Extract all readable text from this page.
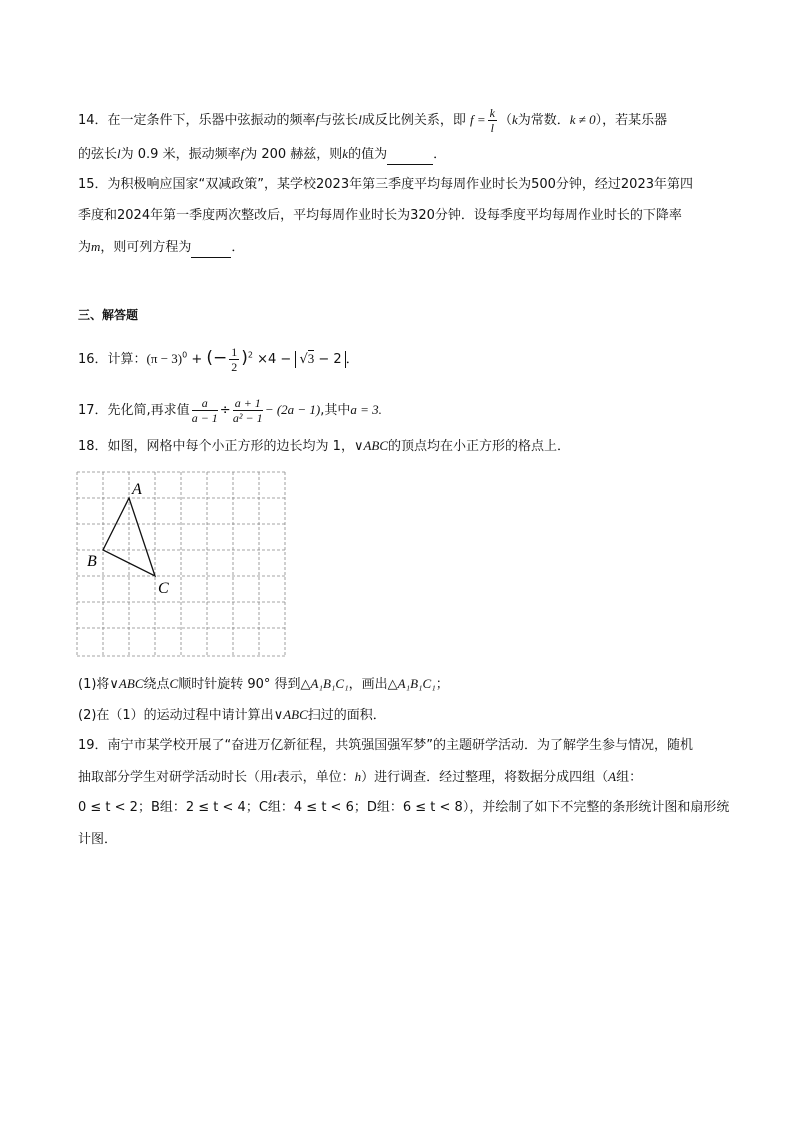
14．在一定条件下，乐器中弦振动的频率f与弦长l成反比例关系，即 $f = \frac{k}{l} (k$为常数．k ≠ 0），若某乐器
的弦长l为 0.9 米，振动频率f为 200 赫兹，则k的值为	．
15．为积极响应国家“双减政策”，某学校2023年第三季度平均每周作业时长为500分钟，经过2023年第四
季度和2024年第一季度两次整改后，平均每周作业时长为320分钟．设每季度平均每周作业时长的下降率
为m，则可列方程为	．
三、解答题
16．计算：$(\pi - 3)^0$ + (− $\frac{1}{2} )^2 \times 4 - √3 - 2$ ．
17．先化简,再求值 $\frac{a}{a - 1} \div \frac{a + 1}{\text{a² − 1}} - (2a - 1)$,其中a = 3.
18．如图，网格中每个小正方形的边长均为 1，∨ABC的顶点均在小正方形的格点上．
A
B
C
(1)将∨ABC绕点C顺时针旋转 90° 得到△A₁B₁C₁，画出△A₁B₁C₁；
(2)在（1）的运动过程中请计算出∨ABC扫过的面积．
19．南宁市某学校开展了“奋进万亿新征程，共筑强国强军梦”的主题研学活动．为了解学生参与情况，随机
抽取部分学生对研学活动时长（用t表示，单位：h）进行调查．经过整理，将数据分成四组（A组：
0 ≤ t < 2；B组：2 ≤ t < 4；C组：4 ≤ t < 6；D组：6 ≤ t < 8），并绘制了如下不完整的条形统计图和扇形统
计图．
